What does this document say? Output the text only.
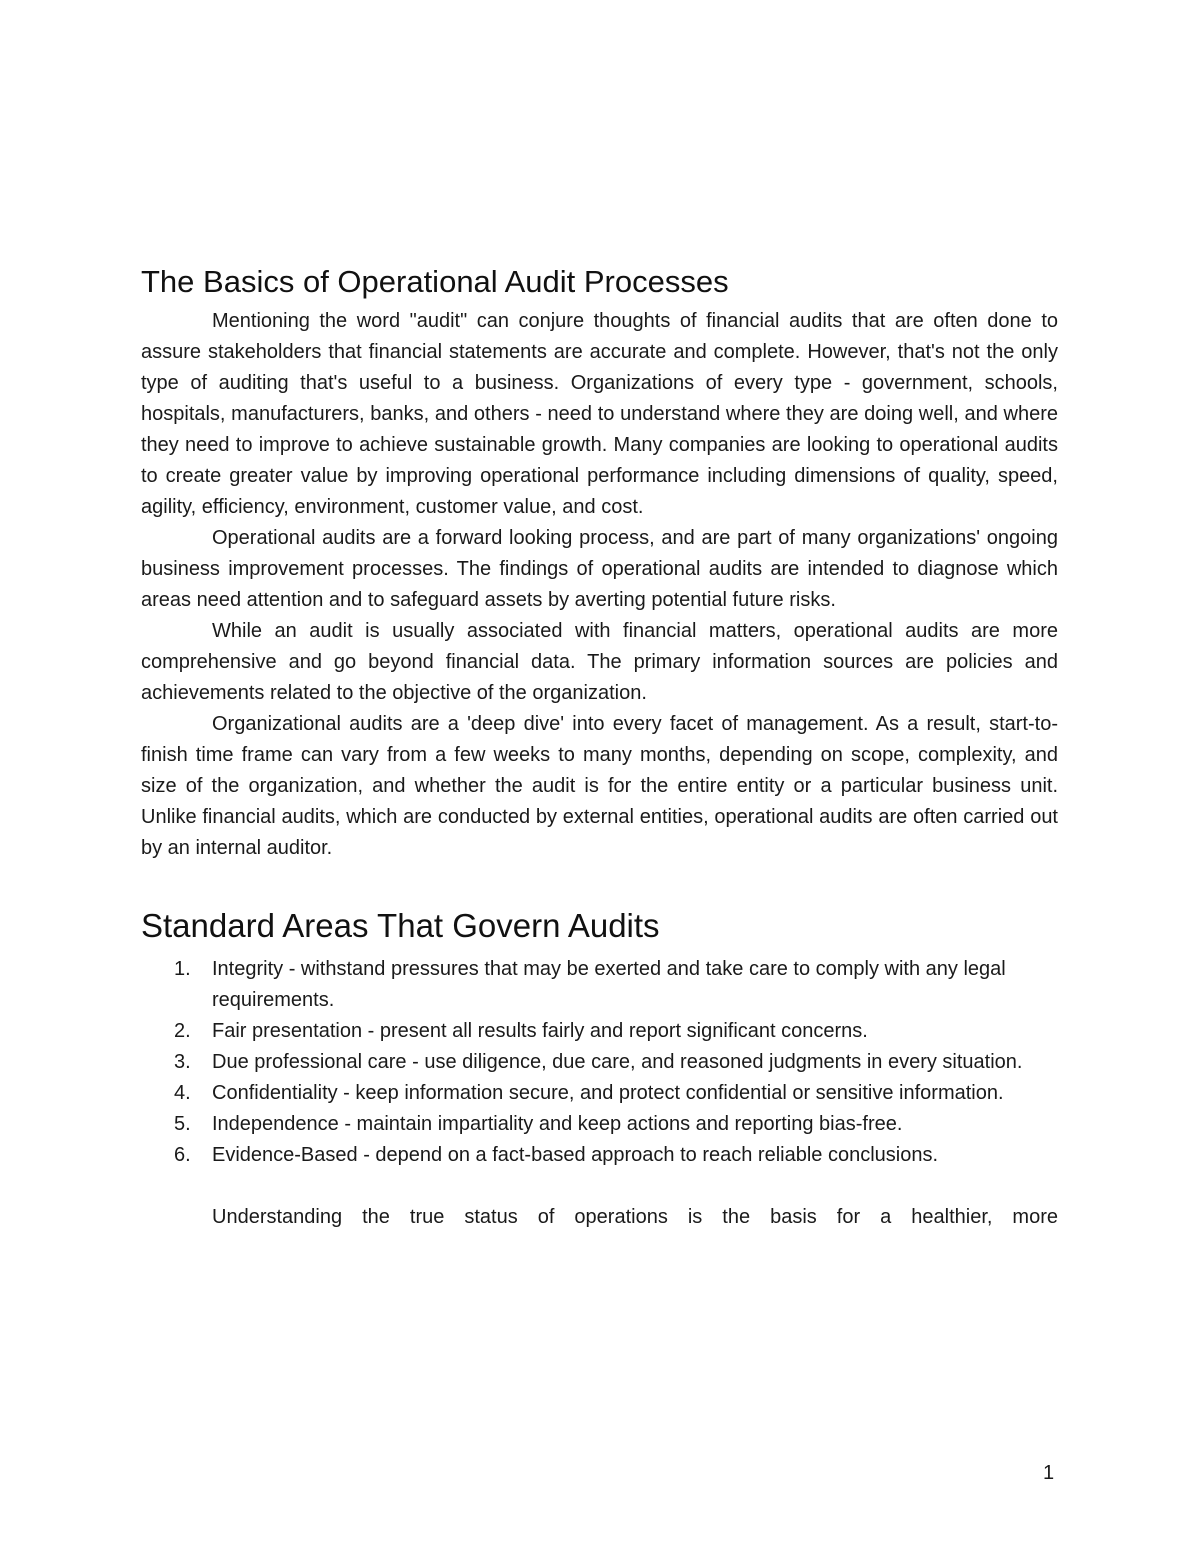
The Basics of Operational Audit Processes

Mentioning the word "audit" can conjure thoughts of financial audits that are often done to assure stakeholders that financial statements are accurate and complete. However, that's not the only type of auditing that's useful to a business. Organizations of every type - government, schools, hospitals, manufacturers, banks, and others - need to understand where they are doing well, and where they need to improve to achieve sustainable growth. Many companies are looking to operational audits to create greater value by improving operational performance including dimensions of quality, speed, agility, efficiency, environment, customer value, and cost.

Operational audits are a forward looking process, and are part of many organizations' ongoing business improvement processes. The findings of operational audits are intended to diagnose which areas need attention and to safeguard assets by averting potential future risks.

While an audit is usually associated with financial matters, operational audits are more comprehensive and go beyond financial data. The primary information sources are policies and achievements related to the objective of the organization.

Organizational audits are a 'deep dive' into every facet of management. As a result, start-to-finish time frame can vary from a few weeks to many months, depending on scope, complexity, and size of the organization, and whether the audit is for the entire entity or a particular business unit. Unlike financial audits, which are conducted by external entities, operational audits are often carried out by an internal auditor.

Standard Areas That Govern Audits
1. Integrity - withstand pressures that may be exerted and take care to comply with any legal requirements.
2. Fair presentation - present all results fairly and report significant concerns.
3. Due professional care - use diligence, due care, and reasoned judgments in every situation.
4. Confidentiality - keep information secure, and protect confidential or sensitive information.
5. Independence - maintain impartiality and keep actions and reporting bias-free.
6. Evidence-Based - depend on a fact-based approach to reach reliable conclusions.

Understanding the true status of operations is the basis for a healthier, more

1
